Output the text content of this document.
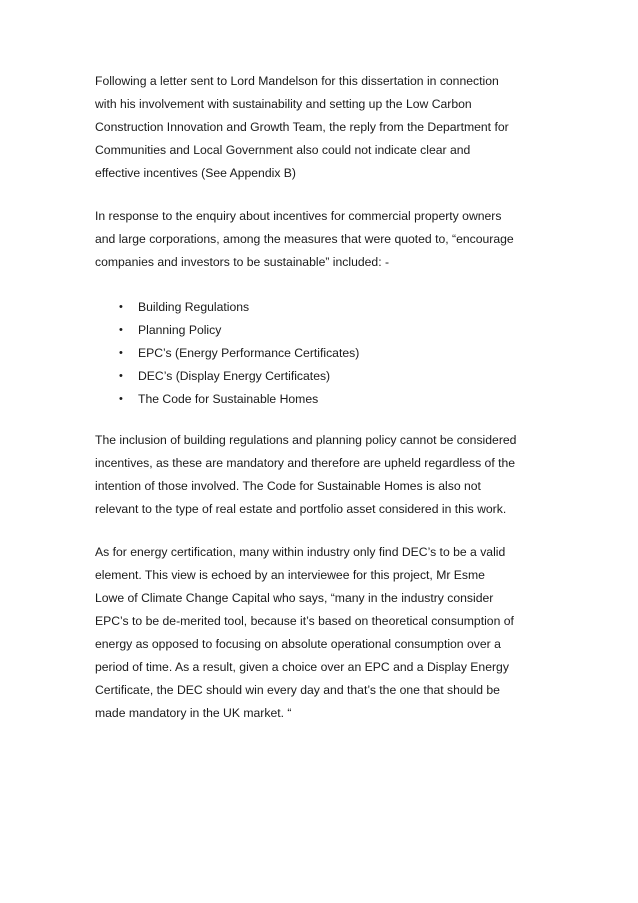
Following a letter sent to Lord Mandelson for this dissertation in connection
with his involvement with sustainability and setting up the Low Carbon
Construction Innovation and Growth Team, the reply from the Department for
Communities and Local Government also could not indicate clear and
effective incentives (See Appendix B)

In response to the enquiry about incentives for commercial property owners
and large corporations, among the measures that were quoted to, “encourage
companies and investors to be sustainable” included: -

• Building Regulations
• Planning Policy
• EPC’s (Energy Performance Certificates)
• DEC’s (Display Energy Certificates)
• The Code for Sustainable Homes

The inclusion of building regulations and planning policy cannot be considered
incentives, as these are mandatory and therefore are upheld regardless of the
intention of those involved. The Code for Sustainable Homes is also not
relevant to the type of real estate and portfolio asset considered in this work.

As for energy certification, many within industry only find DEC’s to be a valid
element. This view is echoed by an interviewee for this project, Mr Esme
Lowe of Climate Change Capital who says, “many in the industry consider
EPC’s to be de-merited tool, because it’s based on theoretical consumption of
energy as opposed to focusing on absolute operational consumption over a
period of time. As a result, given a choice over an EPC and a Display Energy
Certificate, the DEC should win every day and that’s the one that should be
made mandatory in the UK market. “
